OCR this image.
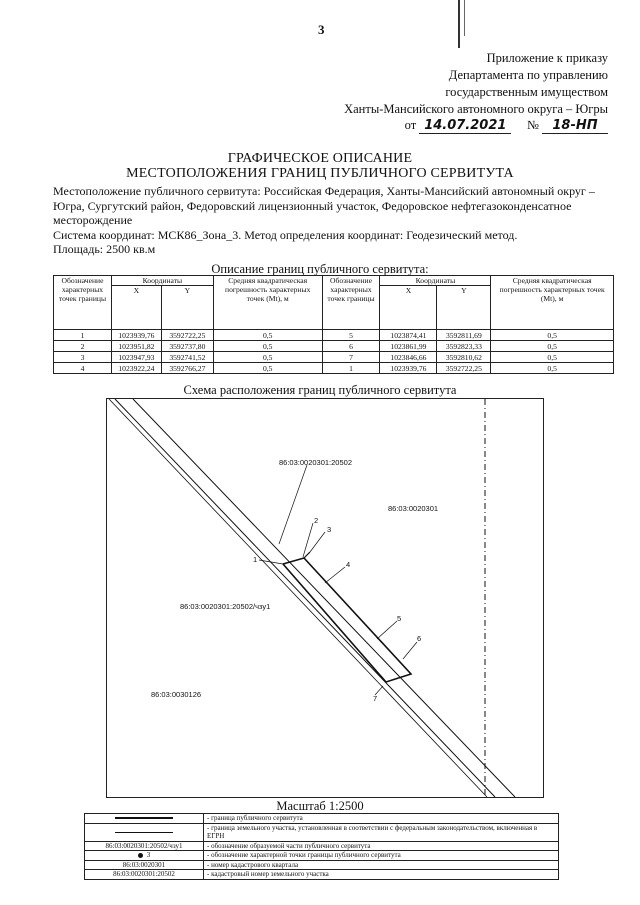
3
Приложение к приказу
Департамента по управлению
государственным имуществом
Ханты-Мансийского автономного округа – Югры
от 14.07.2021 № 18-НП
ГРАФИЧЕСКОЕ ОПИСАНИЕ
МЕСТОПОЛОЖЕНИЯ ГРАНИЦ ПУБЛИЧНОГО СЕРВИТУТА
Местоположение публичного сервитута: Российская Федерация, Ханты-Мансийский автономный округ – Югра, Сургутский район, Федоровский лицензионный участок, Федоровское нефтегазоконденсатное месторождение
Система координат: МСК86_Зона_3. Метод определения координат: Геодезический метод.
Площадь: 2500 кв.м
Описание границ публичного сервитута:
Обозначение характерных точек границы	Координаты		Средняя квадратическая погрешность характерных точек (Mt), м	Обозначение характерных точек границы	Координаты		Средняя квадратическая погрешность характерных точек (Mt), м
	X	Y			X	Y	
1	1023939,76	3592722,25	0,5	5	1023874,41	3592811,69	0,5
2	1023951,82	3592737,80	0,5	6	1023861,99	3592823,33	0,5
3	1023947,93	3592741,52	0,5	7	1023846,66	3592810,62	0,5
4	1023922,24	3592766,27	0,5	1	1023939,76	3592722,25	0,5
Схема расположения границ публичного сервитута
86:03:0020301:20502
86:03:0020301
86:03:0020301:20502/чзу1
86:03:0030126
1
2
3
4
5
6
7
Масштаб 1:2500
	- граница публичного сервитута
	- граница земельного участка, установленная в соответствии с федеральным законодательством, включенная в ЕГРН
86:03:0020301:20502/чзу1	- обозначение образуемой части публичного сервитута
3	- обозначение характерной точки границы публичного сервитута
86:03:0020301	- номер кадастрового квартала
86:03:0020301:20502	- кадастровый номер земельного участка
